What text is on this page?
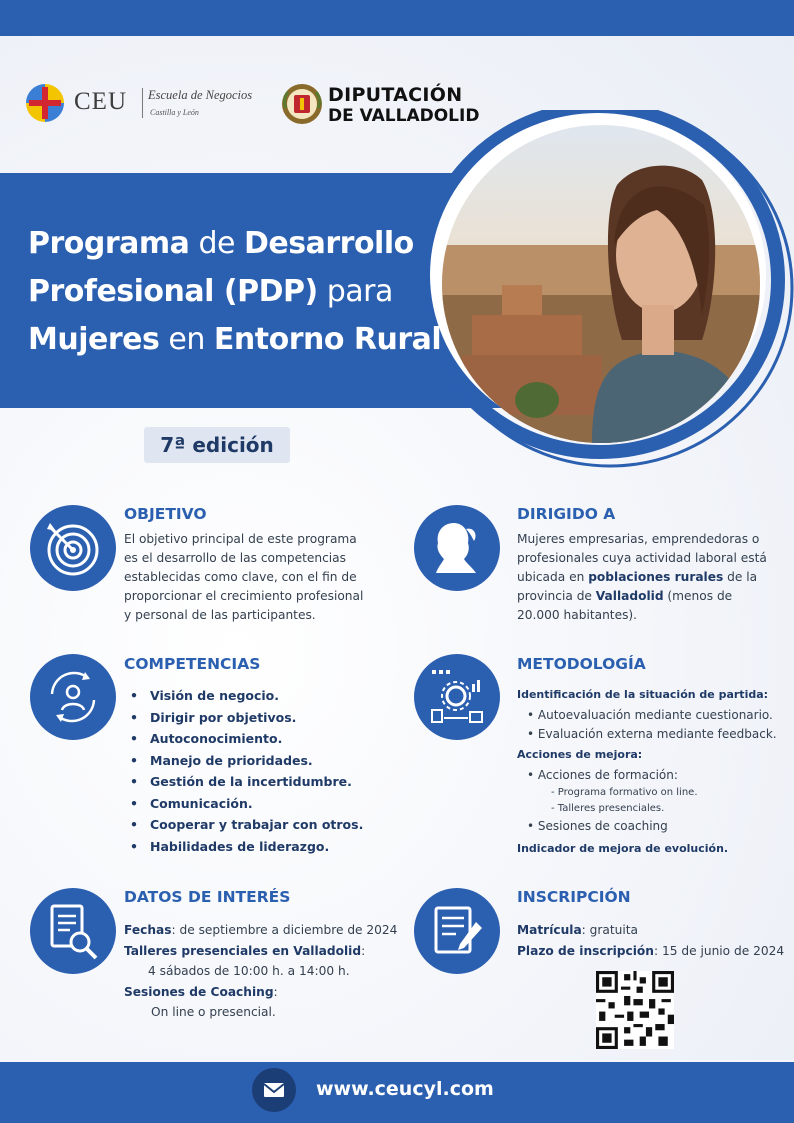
CEU Escuela de Negocios
Castilla y León
DIPUTACIÓN
DE VALLADOLID
Programa de Desarrollo
Profesional (PDP) para
Mujeres en Entorno Rural
7ª edición
OBJETIVO
El objetivo principal de este programa
es el desarrollo de las competencias
establecidas como clave, con el fin de
proporcionar el crecimiento profesional
y personal de las participantes.
DIRIGIDO A
Mujeres empresarias, emprendedoras o
profesionales cuya actividad laboral está
ubicada en poblaciones rurales de la
provincia de Valladolid (menos de
20.000 habitantes).
COMPETENCIAS
• Visión de negocio.
• Dirigir por objetivos.
• Autoconocimiento.
• Manejo de prioridades.
• Gestión de la incertidumbre.
• Comunicación.
• Cooperar y trabajar con otros.
• Habilidades de liderazgo.
METODOLOGÍA
Identificación de la situación de partida:
• Autoevaluación mediante cuestionario.
• Evaluación externa mediante feedback.
Acciones de mejora:
• Acciones de formación:
- Programa formativo on line.
- Talleres presenciales.
• Sesiones de coaching
Indicador de mejora de evolución.
DATOS DE INTERÉS
Fechas: de septiembre a diciembre de 2024
Talleres presenciales en Valladolid:
4 sábados de 10:00 h. a 14:00 h.
Sesiones de Coaching:
On line o presencial.
INSCRIPCIÓN
Matrícula: gratuita
Plazo de inscripción: 15 de junio de 2024
www.ceucyl.com
